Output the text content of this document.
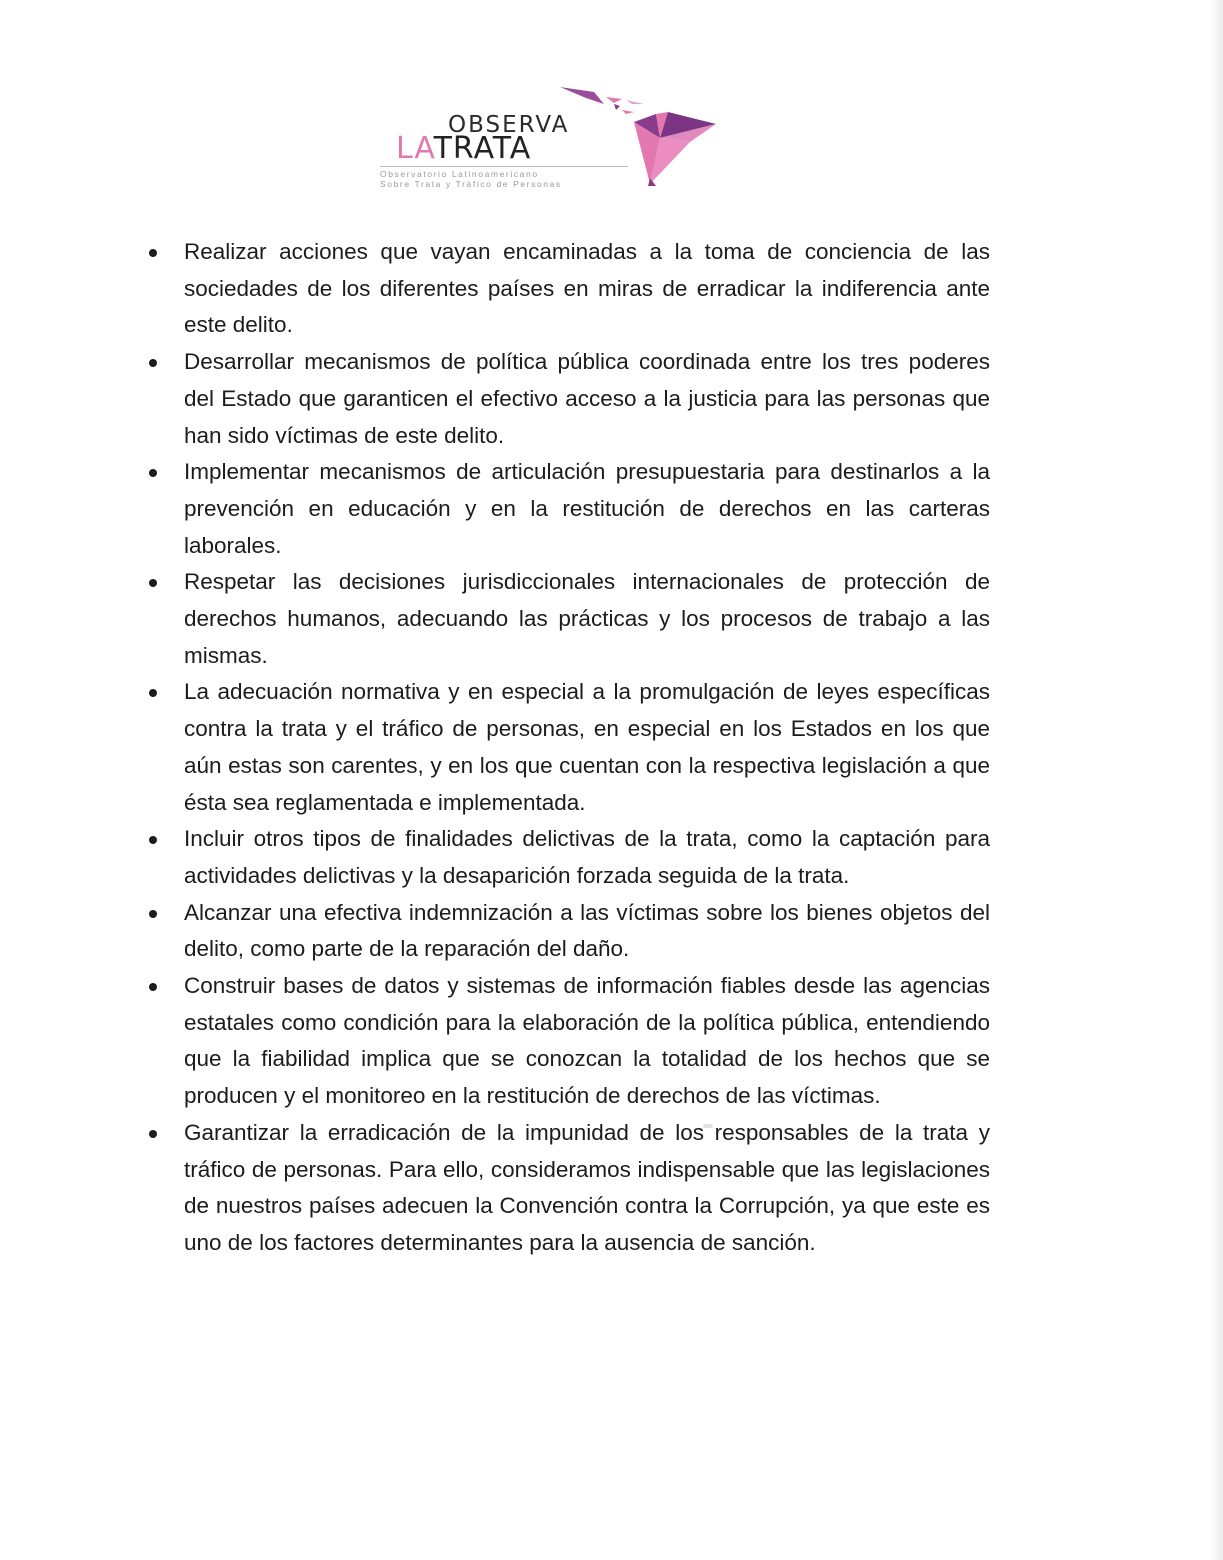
OBSERVA
LATRATA
Observatorio Latinoamericano
Sobre Trata y Tráfico de Personas
Realizar acciones que vayan encaminadas a la toma de conciencia de las sociedades de los diferentes países en miras de erradicar la indiferencia ante este delito.
Desarrollar mecanismos de política pública coordinada entre los tres poderes del Estado que garanticen el efectivo acceso a la justicia para las personas que han sido víctimas de este delito.
Implementar mecanismos de articulación presupuestaria para destinarlos a la prevención en educación y en la restitución de derechos en las carteras laborales.
Respetar las decisiones jurisdiccionales internacionales de protección de derechos humanos, adecuando las prácticas y los procesos de trabajo a las mismas.
La adecuación normativa y en especial a la promulgación de leyes específicas contra la trata y el tráfico de personas, en especial en los Estados en los que aún estas son carentes, y en los que cuentan con la respectiva legislación a que ésta sea reglamentada e implementada.
Incluir otros tipos de finalidades delictivas de la trata, como la captación para actividades delictivas y la desaparición forzada seguida de la trata.
Alcanzar una efectiva indemnización a las víctimas sobre los bienes objetos del delito, como parte de la reparación del daño.
Construir bases de datos y sistemas de información fiables desde las agencias estatales como condición para la elaboración de la política pública, entendiendo que la fiabilidad implica que se conozcan la totalidad de los hechos que se producen y el monitoreo en la restitución de derechos de las víctimas.
Garantizar la erradicación de la impunidad de los responsables de la trata y tráfico de personas. Para ello, consideramos indispensable que las legislaciones de nuestros países adecuen la Convención contra la Corrupción, ya que este es uno de los factores determinantes para la ausencia de sanción.
